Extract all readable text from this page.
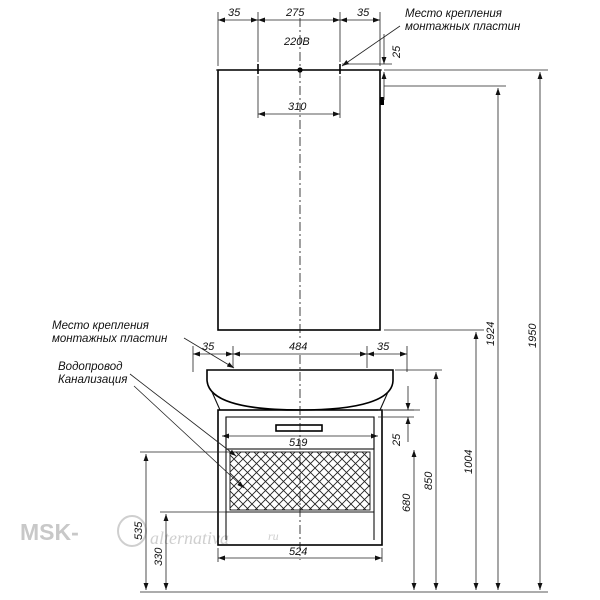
MSK-	alternativa	ru
35	275	35
220В
Место крепления
монтажных пластин
25
310
35	484	35
519
524
25
Место крепления
монтажных пластин
Водопровод
Канализация
1950
1924
1004
850
680
535
330
